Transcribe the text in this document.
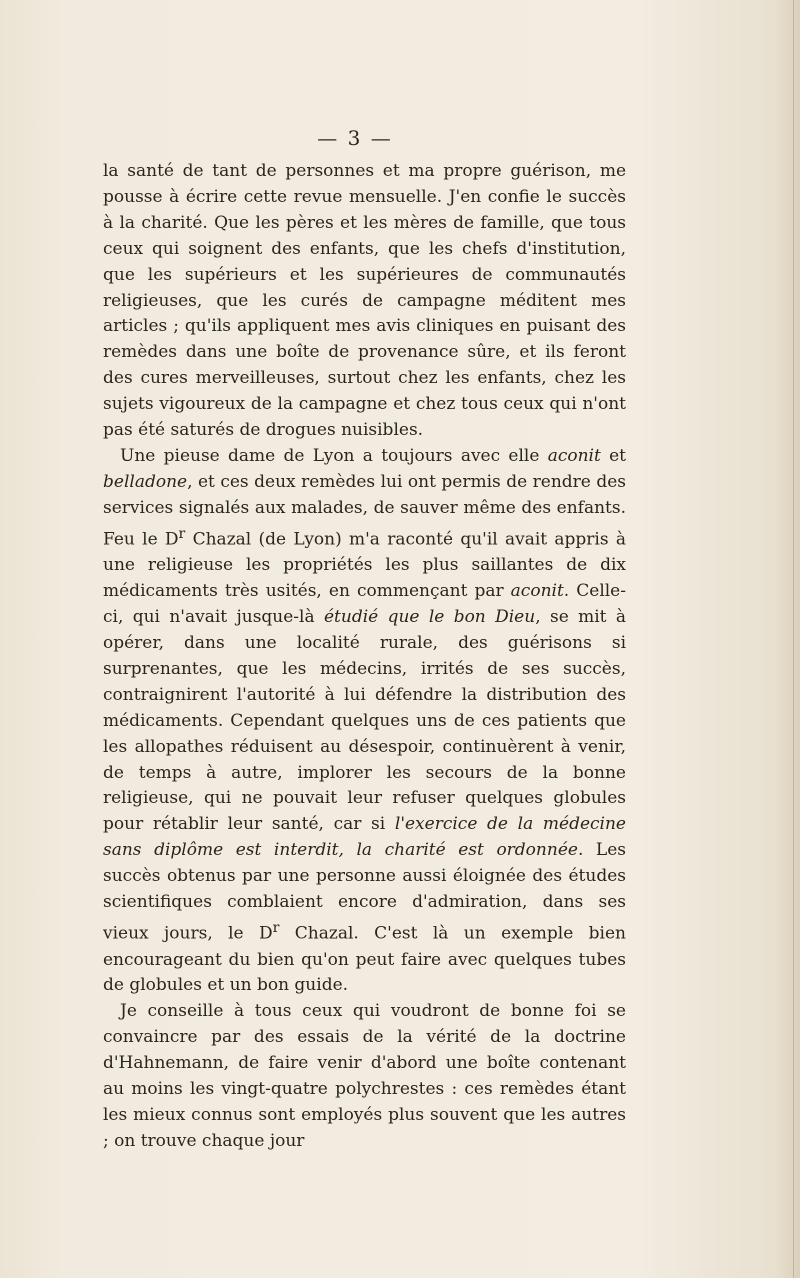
— 3 —

la santé de tant de personnes et ma propre guérison, me pousse à écrire cette revue mensuelle. J'en confie le succès à la charité. Que les pères et les mères de famille, que tous ceux qui soignent des enfants, que les chefs d'institution, que les supérieurs et les supérieures de communautés religieuses, que les curés de campagne méditent mes articles ; qu'ils appliquent mes avis cliniques en puisant des remèdes dans une boîte de provenance sûre, et ils feront des cures merveilleuses, surtout chez les enfants, chez les sujets vigoureux de la campagne et chez tous ceux qui n'ont pas été saturés de drogues nuisibles.

Une pieuse dame de Lyon a toujours avec elle aconit et belladone, et ces deux remèdes lui ont permis de rendre des services signalés aux malades, de sauver même des enfants. Feu le $D^r$ Chazal (de Lyon) m'a raconté qu'il avait appris à une religieuse les propriétés les plus saillantes de dix médicaments très usités, en commençant par aconit. Celle-ci, qui n'avait jusque-là étudié que le bon Dieu, se mit à opérer, dans une localité rurale, des guérisons si surprenantes, que les médecins, irrités de ses succès, contraignirent l'autorité à lui défendre la distribution des médicaments. Cependant quelques uns de ces patients que les allopathes réduisent au désespoir, continuèrent à venir, de temps à autre, implorer les secours de la bonne religieuse, qui ne pouvait leur refuser quelques globules pour rétablir leur santé, car si l'exercice de la médecine sans diplôme est interdit, la charité est ordonnée. Les succès obtenus par une personne aussi éloignée des études scientifiques comblaient encore d'admiration, dans ses vieux jours, le $D^r$ Chazal. C'est là un exemple bien encourageant du bien qu'on peut faire avec quelques tubes de globules et un bon guide.

Je conseille à tous ceux qui voudront de bonne foi se convaincre par des essais de la vérité de la doctrine d'Hahnemann, de faire venir d'abord une boîte contenant au moins les vingt-quatre polychrestes : ces remèdes étant les mieux connus sont employés plus souvent que les autres ; on trouve chaque jour
